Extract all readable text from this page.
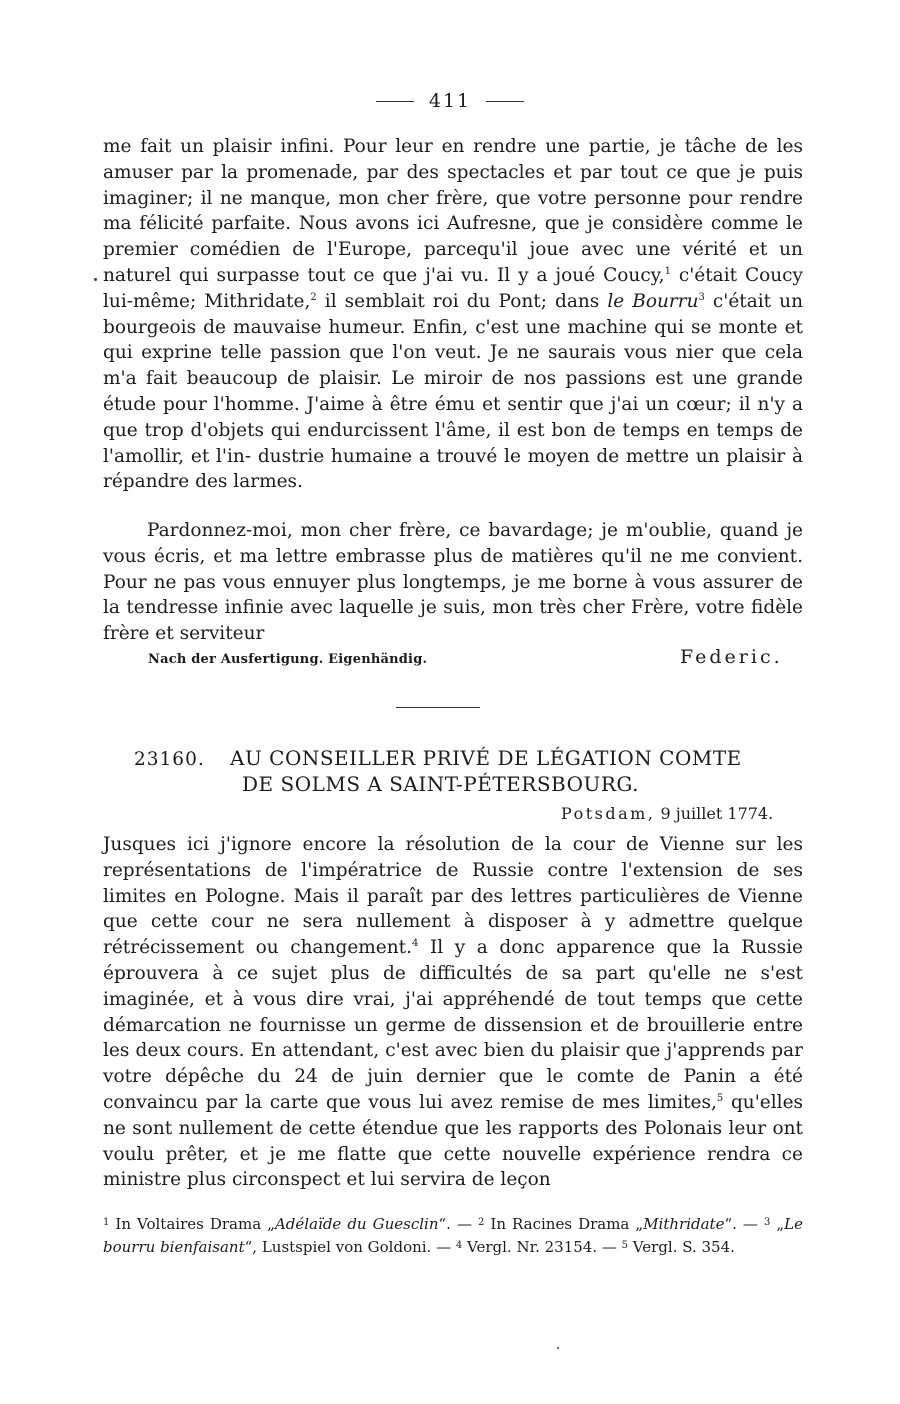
411

me fait un plaisir infini. Pour leur en rendre une partie, je tâche de les amuser par la promenade, par des spectacles et par tout ce que je puis imaginer; il ne manque, mon cher frère, que votre personne pour rendre ma félicité parfaite. Nous avons ici Aufresne, que je considère comme le premier comédien de l'Europe, parcequ'il joue avec une vérité et un naturel qui surpasse tout ce que j'ai vu. Il y a joué Coucy,$^1$ c'était Coucy lui-même; Mithridate,$^2$ il semblait roi du Pont; dans le Bourru$^3$ c'était un bourgeois de mauvaise humeur. Enfin, c'est une machine qui se monte et qui exprine telle passion que l'on veut. Je ne saurais vous nier que cela m'a fait beaucoup de plaisir. Le miroir de nos passions est une grande étude pour l'homme. J'aime à être ému et sentir que j'ai un cœur; il n'y a que trop d'objets qui endurcissent l'âme, il est bon de temps en temps de l'amollir, et l'in- dustrie humaine a trouvé le moyen de mettre un plaisir à répandre des larmes.

Pardonnez-moi, mon cher frère, ce bavardage; je m'oublie, quand je vous écris, et ma lettre embrasse plus de matières qu'il ne me convient. Pour ne pas vous ennuyer plus longtemps, je me borne à vous assurer de la tendresse infinie avec laquelle je suis, mon très cher Frère, votre fidèle frère et serviteur

Nach der Ausfertigung. Eigenhändig.	Federic.
23160. AU CONSEILLER PRIVÉ DE LÉGATION COMTE
DE SOLMS A SAINT-PÉTERSBOURG.
Potsdam, 9 juillet 1774.

Jusques ici j'ignore encore la résolution de la cour de Vienne sur les représentations de l'impératrice de Russie contre l'extension de ses limites en Pologne. Mais il paraît par des lettres particulières de Vienne que cette cour ne sera nullement à disposer à y admettre quelque rétrécissement ou changement.$^4$ Il y a donc apparence que la Russie éprouvera à ce sujet plus de difficultés de sa part qu'elle ne s'est imaginée, et à vous dire vrai, j'ai appréhendé de tout temps que cette démarcation ne fournisse un germe de dissension et de brouillerie entre les deux cours. En attendant, c'est avec bien du plaisir que j'apprends par votre dépêche du 24 de juin dernier que le comte de Panin a été convaincu par la carte que vous lui avez remise de mes limites,$^5$ qu'elles ne sont nullement de cette étendue que les rapports des Polonais leur ont voulu prêter, et je me flatte que cette nouvelle expérience rendra ce ministre plus circonspect et lui servira de leçon

$^1$ In Voltaires Drama „Adélaïde du Guesclin“. — $^2$ In Racines Drama „Mithridate“. — $^3$ „Le bourru bienfaisant“, Lustspiel von Goldoni. — $^4$ Vergl. Nr. 23154. — $^5$ Vergl. S. 354.
